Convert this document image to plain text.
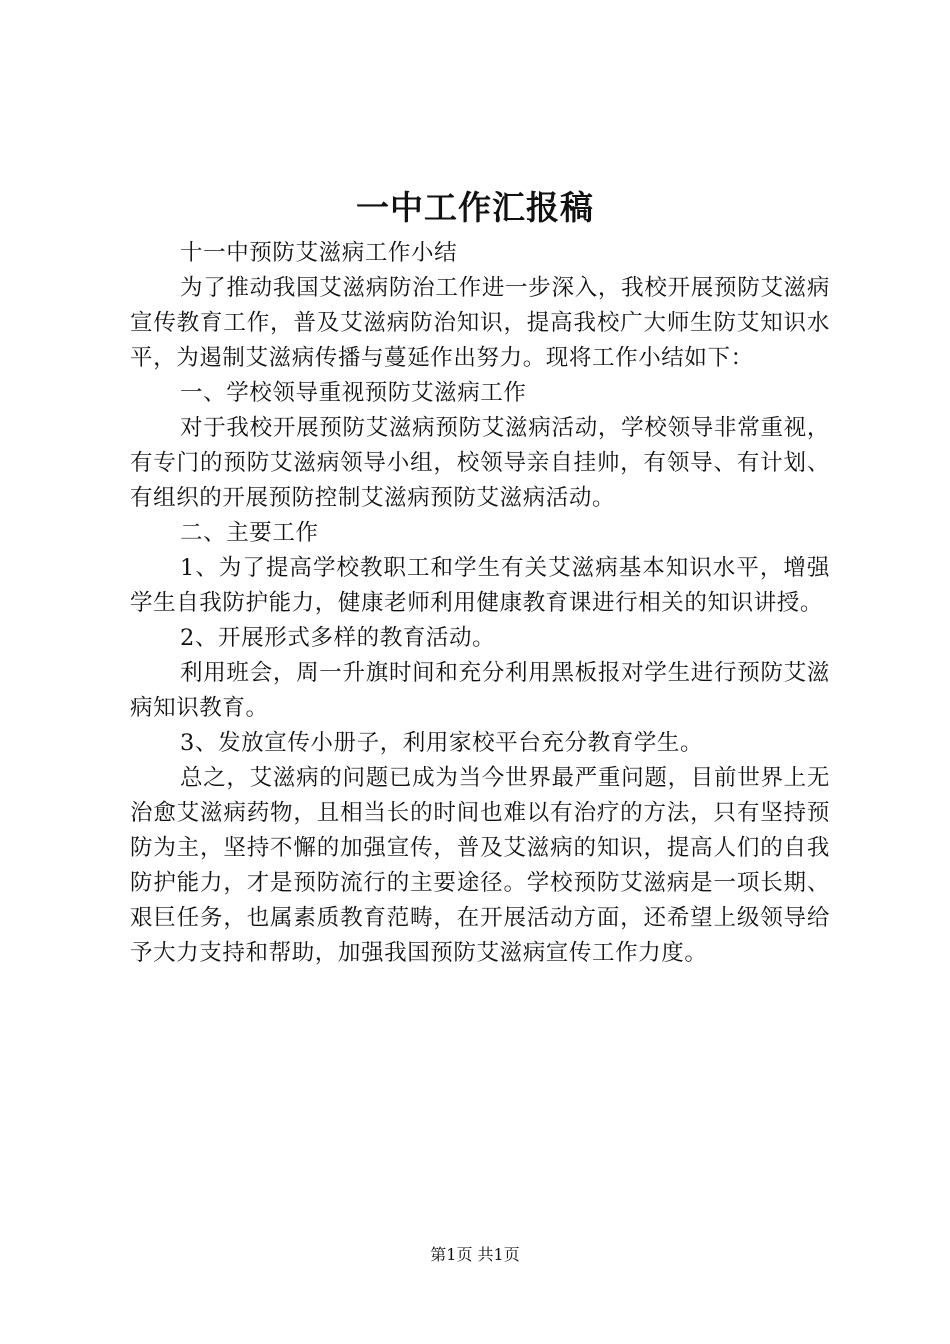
一中工作汇报稿

十一中预防艾滋病工作小结

为了推动我国艾滋病防治工作进一步深入，我校开展预防艾滋病宣传教育工作，普及艾滋病防治知识，提高我校广大师生防艾知识水平，为遏制艾滋病传播与蔓延作出努力。现将工作小结如下：

一、学校领导重视预防艾滋病工作

对于我校开展预防艾滋病预防艾滋病活动，学校领导非常重视，有专门的预防艾滋病领导小组，校领导亲自挂帅，有领导、有计划、有组织的开展预防控制艾滋病预防艾滋病活动。

二、主要工作

1、为了提高学校教职工和学生有关艾滋病基本知识水平，增强学生自我防护能力，健康老师利用健康教育课进行相关的知识讲授。

2、开展形式多样的教育活动。

利用班会，周一升旗时间和充分利用黑板报对学生进行预防艾滋病知识教育。

3、发放宣传小册子，利用家校平台充分教育学生。

总之，艾滋病的问题已成为当今世界最严重问题，目前世界上无治愈艾滋病药物，且相当长的时间也难以有治疗的方法，只有坚持预防为主，坚持不懈的加强宣传，普及艾滋病的知识，提高人们的自我防护能力，才是预防流行的主要途径。学校预防艾滋病是一项长期、艰巨任务，也属素质教育范畴，在开展活动方面，还希望上级领导给予大力支持和帮助，加强我国预防艾滋病宣传工作力度。

第1页 共1页
